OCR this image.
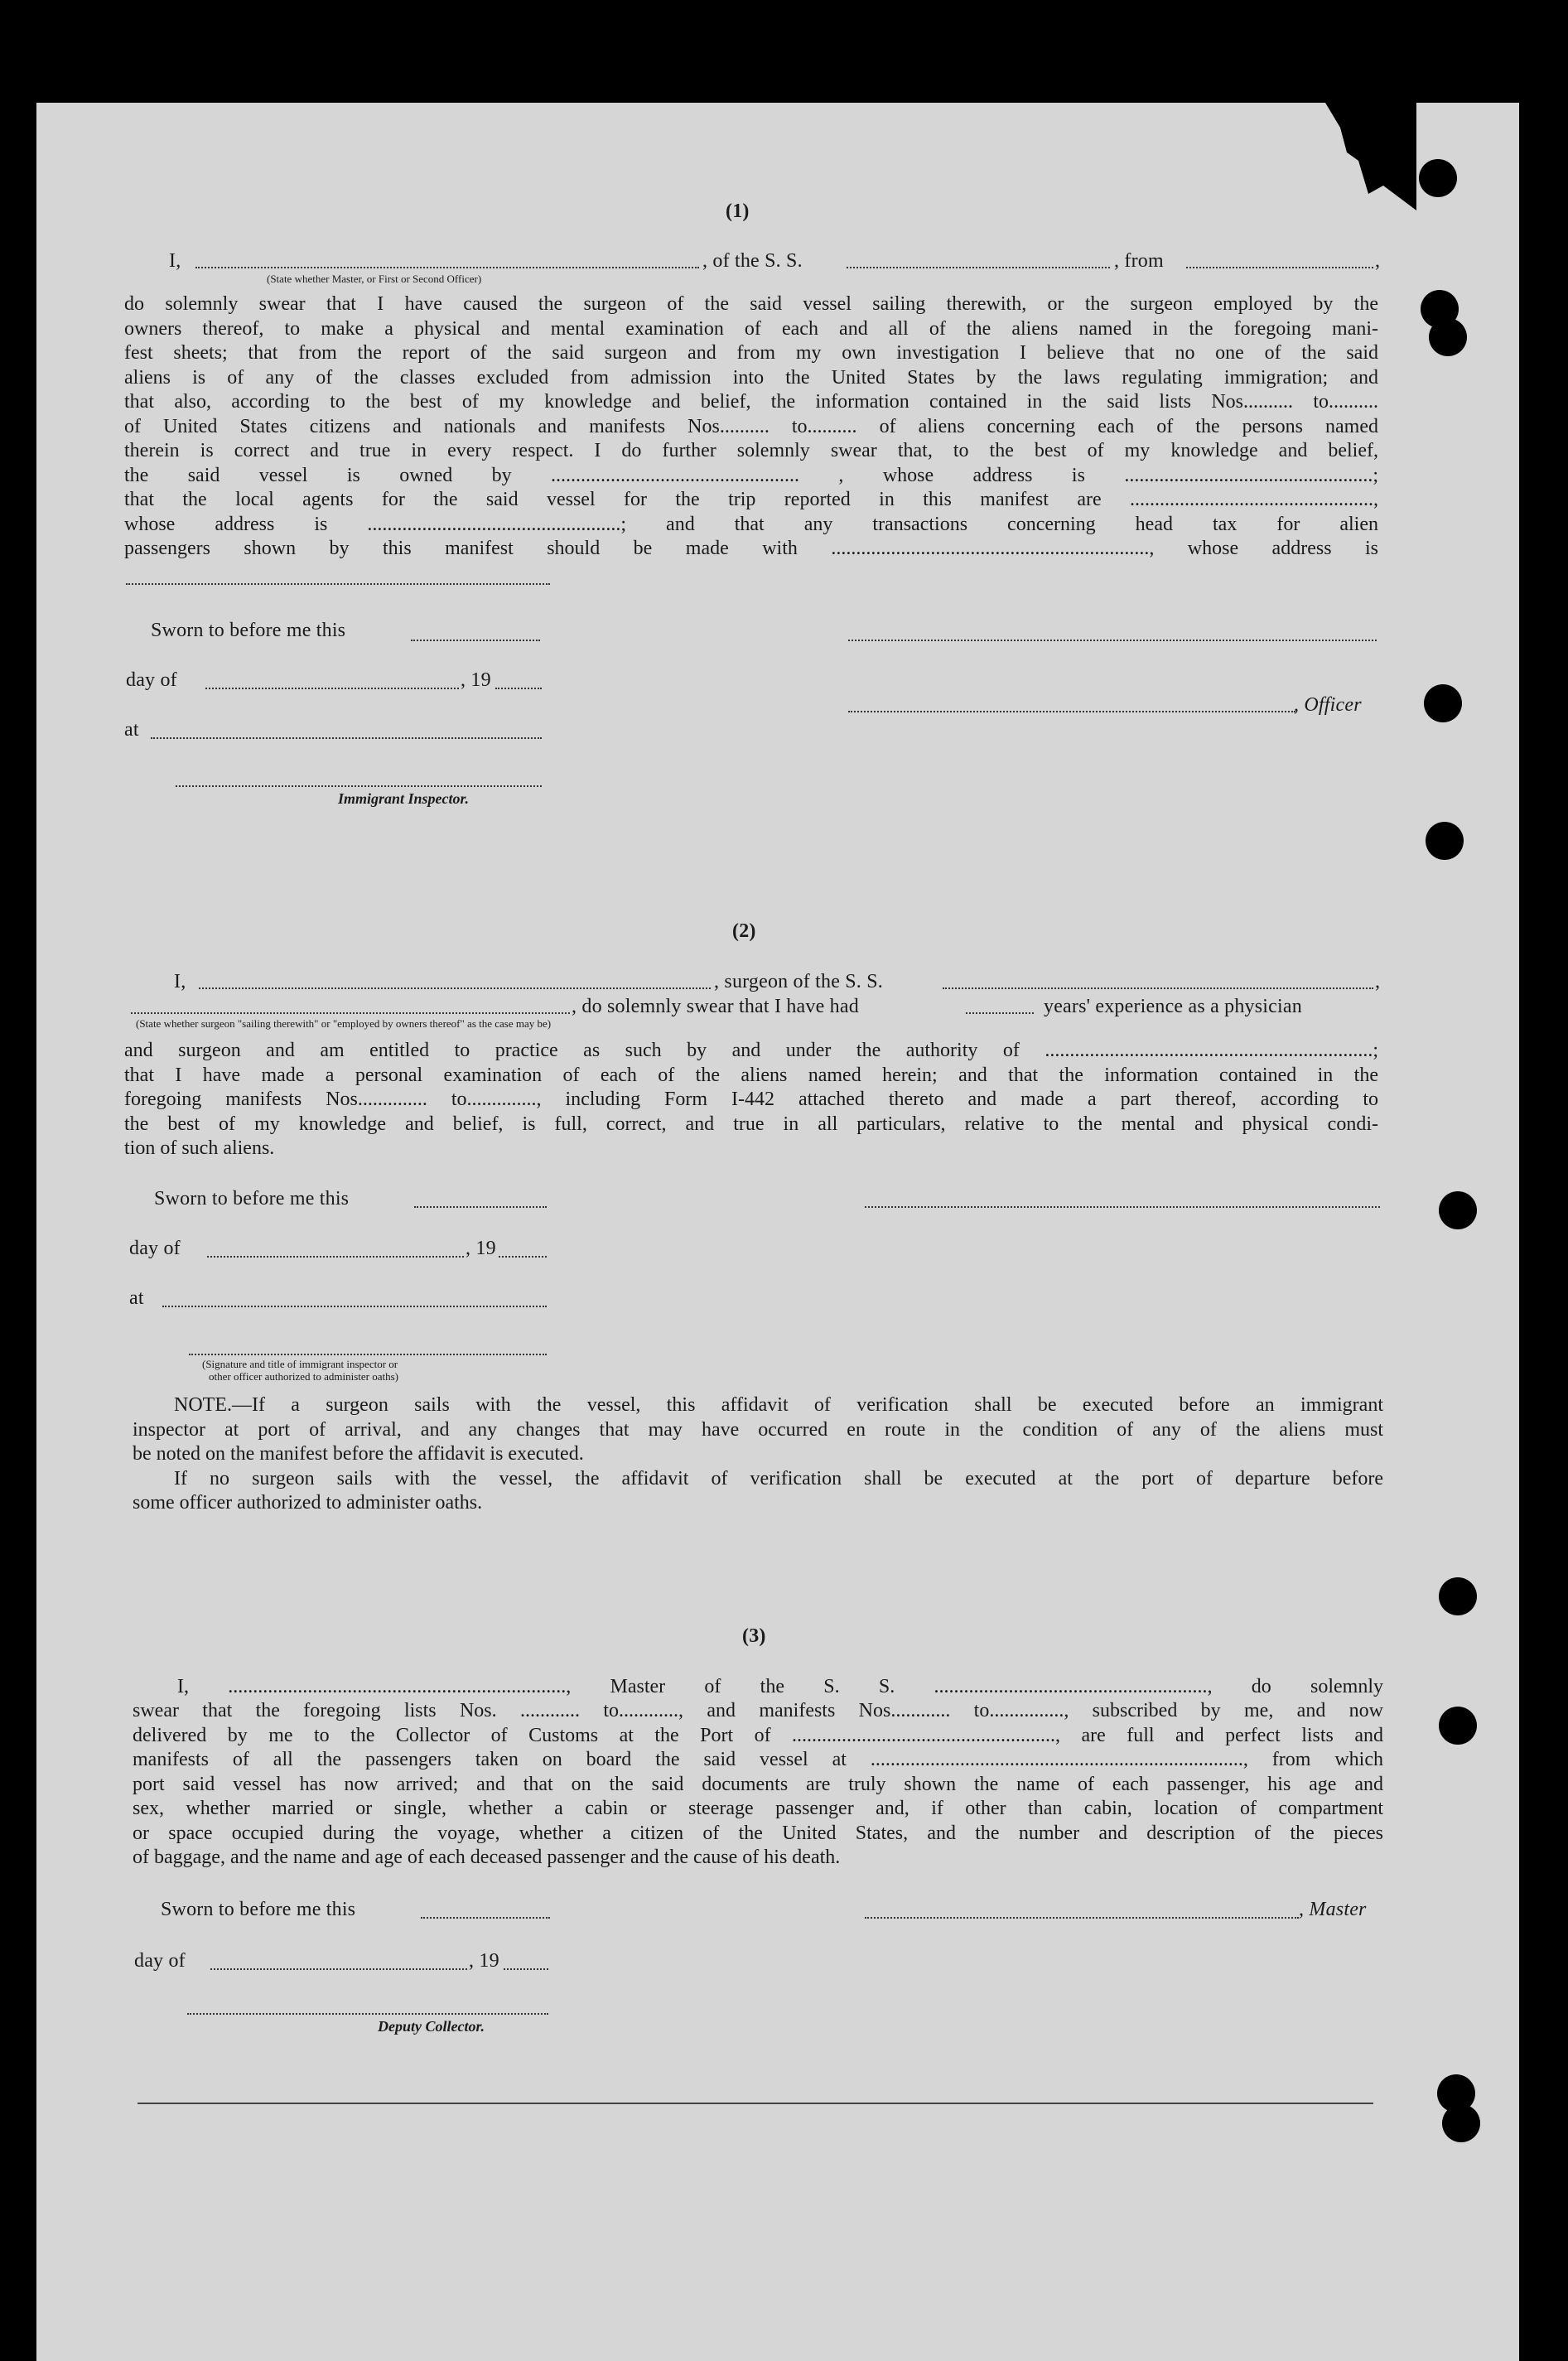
(1)
I,	, of the S. S.	, from	,
(State whether Master, or First or Second Officer)
do solemnly swear that I have caused the surgeon of the said vessel sailing therewith, or the surgeon employed by the
owners thereof, to make a physical and mental examination of each and all of the aliens named in the foregoing mani-
fest sheets; that from the report of the said surgeon and from my own investigation I believe that no one of the said
aliens is of any of the classes excluded from admission into the United States by the laws regulating immigration; and
that also, according to the best of my knowledge and belief, the information contained in the said lists Nos.......... to..........
of United States citizens and nationals and manifests Nos.......... to.......... of aliens concerning each of the persons named
therein is correct and true in every respect. I do further solemnly swear that, to the best of my knowledge and belief,
the said vessel is owned by .................................................. , whose address is ..................................................;
that the local agents for the said vessel for the trip reported in this manifest are .................................................,
whose address is ...................................................; and that any transactions concerning head tax for alien
passengers shown by this manifest should be made with ................................................................, whose address is
Sworn to before me this
day of	, 19
, Officer
at
Immigrant Inspector.
(2)
I,	, surgeon of the S. S.	,
, do solemnly swear that I have had	years' experience as a physician
(State whether surgeon "sailing therewith" or "employed by owners thereof" as the case may be)
and surgeon and am entitled to practice as such by and under the authority of ..................................................................;
that I have made a personal examination of each of the aliens named herein; and that the information contained in the
foregoing manifests Nos.............. to.............., including Form I-442 attached thereto and made a part thereof, according to
the best of my knowledge and belief, is full, correct, and true in all particulars, relative to the mental and physical condi-
tion of such aliens.
Sworn to before me this
day of	, 19
at
(Signature and title of immigrant inspector or
other officer authorized to administer oaths)
NOTE.—If a surgeon sails with the vessel, this affidavit of verification shall be executed before an immigrant
inspector at port of arrival, and any changes that may have occurred en route in the condition of any of the aliens must
be noted on the manifest before the affidavit is executed.
If no surgeon sails with the vessel, the affidavit of verification shall be executed at the port of departure before
some officer authorized to administer oaths.
(3)
I, ...................................................................., Master of the S. S. ......................................................., do solemnly
swear that the foregoing lists Nos. ............ to............, and manifests Nos............ to..............., subscribed by me, and now
delivered by me to the Collector of Customs at the Port of ....................................................., are full and perfect lists and
manifests of all the passengers taken on board the said vessel at ..........................................................................., from which
port said vessel has now arrived; and that on the said documents are truly shown the name of each passenger, his age and
sex, whether married or single, whether a cabin or steerage passenger and, if other than cabin, location of compartment
or space occupied during the voyage, whether a citizen of the United States, and the number and description of the pieces
of baggage, and the name and age of each deceased passenger and the cause of his death.
Sworn to before me this	, Master
day of	, 19
Deputy Collector.
